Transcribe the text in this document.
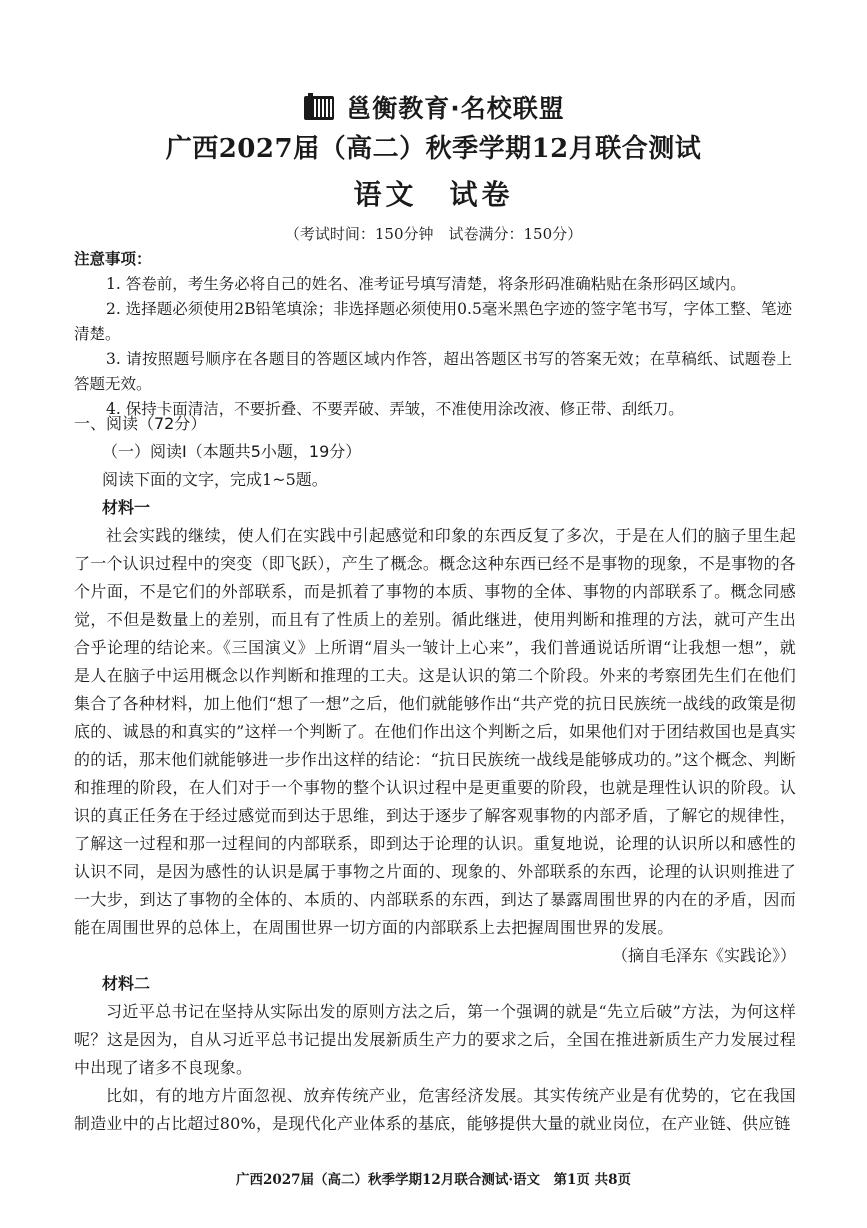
邕衡教育·名校联盟
广西2027届（高二）秋季学期12月联合测试
语文　试卷
（考试时间：150分钟　试卷满分：150分）
注意事项：
1. 答卷前，考生务必将自己的姓名、准考证号填写清楚，将条形码准确粘贴在条形码区域内。
2. 选择题必须使用2B铅笔填涂；非选择题必须使用0.5毫米黑色字迹的签字笔书写，字体工整、笔迹清楚。
3. 请按照题号顺序在各题目的答题区域内作答，超出答题区书写的答案无效；在草稿纸、试题卷上答题无效。
4. 保持卡面清洁，不要折叠、不要弄破、弄皱，不准使用涂改液、修正带、刮纸刀。
一、阅读（72分）
（一）阅读Ⅰ（本题共5小题，19分）
阅读下面的文字，完成1~5题。
材料一
社会实践的继续，使人们在实践中引起感觉和印象的东西反复了多次，于是在人们的脑子里生起了一个认识过程中的突变（即飞跃），产生了概念。概念这种东西已经不是事物的现象，不是事物的各个片面，不是它们的外部联系，而是抓着了事物的本质、事物的全体、事物的内部联系了。概念同感觉，不但是数量上的差别，而且有了性质上的差别。循此继进，使用判断和推理的方法，就可产生出合乎论理的结论来。《三国演义》上所谓“眉头一皱计上心来”，我们普通说话所谓“让我想一想”，就是人在脑子中运用概念以作判断和推理的工夫。这是认识的第二个阶段。外来的考察团先生们在他们集合了各种材料，加上他们“想了一想”之后，他们就能够作出“共产党的抗日民族统一战线的政策是彻底的、诚恳的和真实的”这样一个判断了。在他们作出这个判断之后，如果他们对于团结救国也是真实的的话，那末他们就能够进一步作出这样的结论：“抗日民族统一战线是能够成功的。”这个概念、判断和推理的阶段，在人们对于一个事物的整个认识过程中是更重要的阶段，也就是理性认识的阶段。认识的真正任务在于经过感觉而到达于思维，到达于逐步了解客观事物的内部矛盾，了解它的规律性，了解这一过程和那一过程间的内部联系，即到达于论理的认识。重复地说，论理的认识所以和感性的认识不同，是因为感性的认识是属于事物之片面的、现象的、外部联系的东西，论理的认识则推进了一大步，到达了事物的全体的、本质的、内部联系的东西，到达了暴露周围世界的内在的矛盾，因而能在周围世界的总体上，在周围世界一切方面的内部联系上去把握周围世界的发展。
（摘自毛泽东《实践论》）
材料二
习近平总书记在坚持从实际出发的原则方法之后，第一个强调的就是“先立后破”方法，为何这样呢？这是因为，自从习近平总书记提出发展新质生产力的要求之后，全国在推进新质生产力发展过程中出现了诸多不良现象。
比如，有的地方片面忽视、放弃传统产业，危害经济发展。其实传统产业是有优势的，它在我国制造业中的占比超过80%，是现代化产业体系的基底，能够提供大量的就业岗位，在产业链、供应链
广西2027届（高二）秋季学期12月联合测试·语文　第1页 共8页
